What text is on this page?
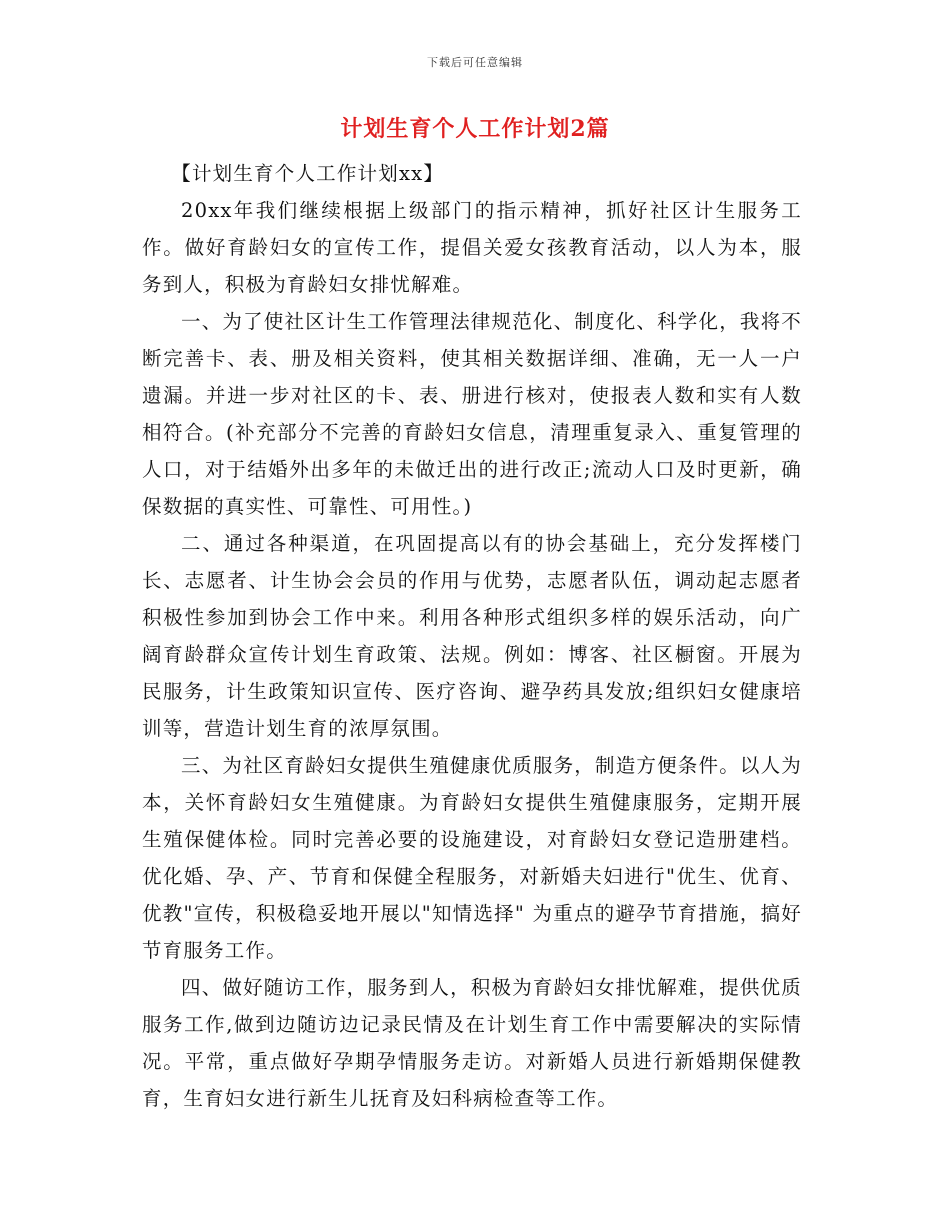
下载后可任意编辑
计划生育个人工作计划2篇

【计划生育个人工作计划xx】

20xx年我们继续根据上级部门的指示精神，抓好社区计生服务工作。做好育龄妇女的宣传工作，提倡关爱女孩教育活动，以人为本，服务到人，积极为育龄妇女排忧解难。

一、为了使社区计生工作管理法律规范化、制度化、科学化，我将不断完善卡、表、册及相关资料，使其相关数据详细、准确，无一人一户遗漏。并进一步对社区的卡、表、册进行核对，使报表人数和实有人数相符合。(补充部分不完善的育龄妇女信息，清理重复录入、重复管理的人口，对于结婚外出多年的未做迁出的进行改正;流动人口及时更新，确保数据的真实性、可靠性、可用性。)

二、通过各种渠道，在巩固提高以有的协会基础上，充分发挥楼门长、志愿者、计生协会会员的作用与优势，志愿者队伍，调动起志愿者积极性参加到协会工作中来。利用各种形式组织多样的娱乐活动，向广阔育龄群众宣传计划生育政策、法规。例如：博客、社区橱窗。开展为民服务，计生政策知识宣传、医疗咨询、避孕药具发放;组织妇女健康培训等，营造计划生育的浓厚氛围。

三、为社区育龄妇女提供生殖健康优质服务，制造方便条件。以人为本，关怀育龄妇女生殖健康。为育龄妇女提供生殖健康服务，定期开展生殖保健体检。同时完善必要的设施建设，对育龄妇女登记造册建档。优化婚、孕、产、节育和保健全程服务，对新婚夫妇进行"优生、优育、优教"宣传，积极稳妥地开展以"知情选择" 为重点的避孕节育措施，搞好节育服务工作。

四、做好随访工作，服务到人，积极为育龄妇女排忧解难，提供优质服务工作,做到边随访边记录民情及在计划生育工作中需要解决的实际情况。平常，重点做好孕期孕情服务走访。对新婚人员进行新婚期保健教育，生育妇女进行新生儿抚育及妇科病检查等工作。
